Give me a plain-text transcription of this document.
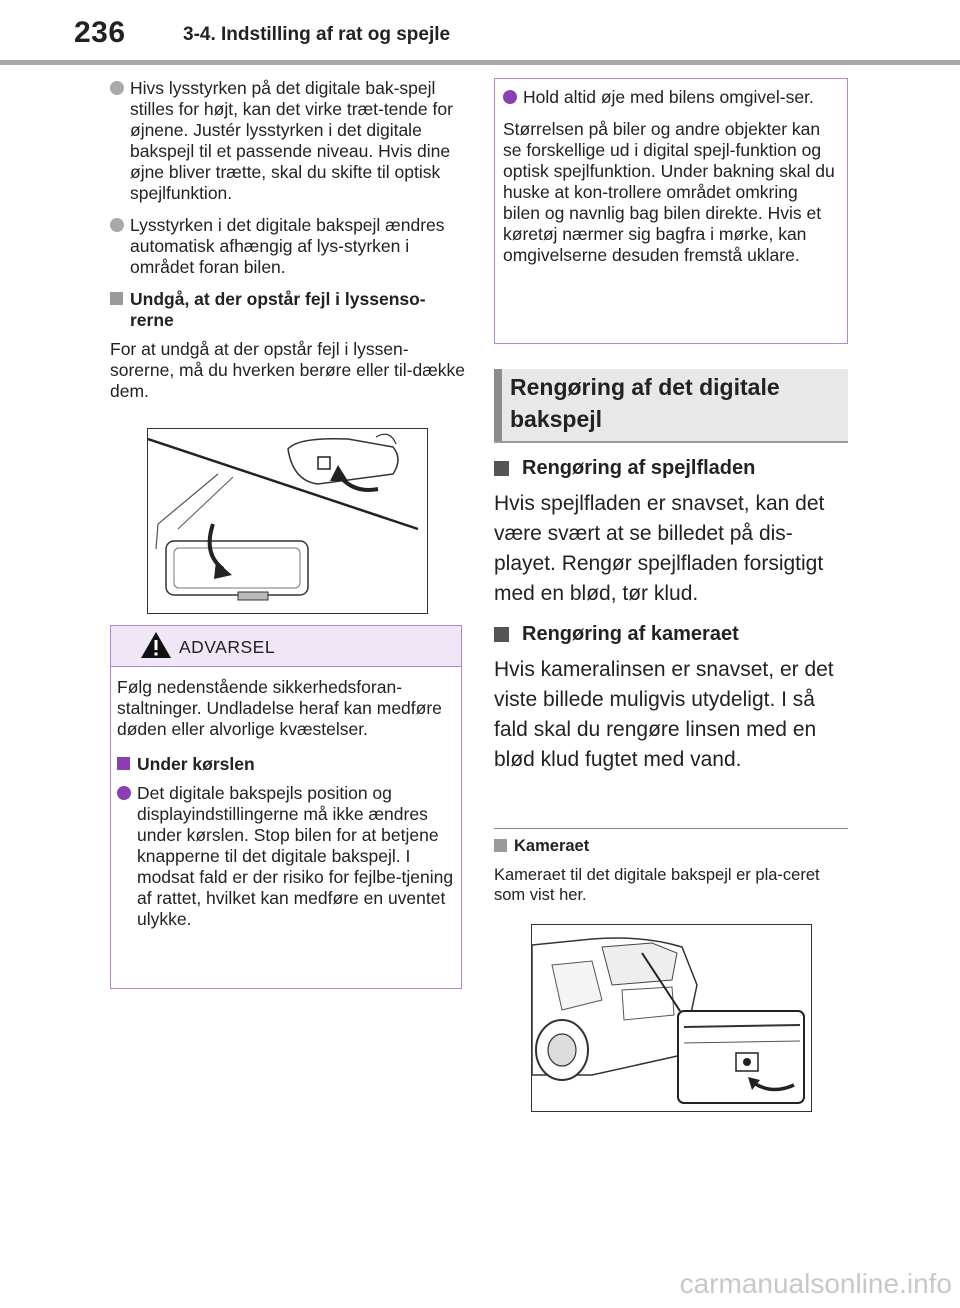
236	3-4. Indstilling af rat og spejle
Hivs lysstyrken på det digitale bak-spejl stilles for højt, kan det virke træt-tende for øjnene. Justér lysstyrken i det digitale bakspejl til et passende niveau. Hvis dine øjne bliver trætte, skal du skifte til optisk spejlfunktion.
Lysstyrken i det digitale bakspejl ændres automatisk afhængig af lys-styrken i området foran bilen.
Undgå, at der opstår fejl i lyssenso-rerne
For at undgå at der opstår fejl i lyssen-sorerne, må du hverken berøre eller til-dække dem.
ADVARSEL
Følg nedenstående sikkerhedsforan-staltninger. Undladelse heraf kan medføre døden eller alvorlige kvæstelser.
Under kørslen
Det digitale bakspejls position og displayindstillingerne må ikke ændres under kørslen. Stop bilen for at betjene knapperne til det digitale bakspejl. I modsat fald er der risiko for fejlbe-tjening af rattet, hvilket kan medføre en uventet ulykke.
Hold altid øje med bilens omgivel-ser.
Størrelsen på biler og andre objekter kan se forskellige ud i digital spejl-funktion og optisk spejlfunktion. Under bakning skal du huske at kon-trollere området omkring bilen og navnlig bag bilen direkte. Hvis et køretøj nærmer sig bagfra i mørke, kan omgivelserne desuden fremstå uklare.
Rengøring af det digitale bakspejl
Rengøring af spejlfladen
Hvis spejlfladen er snavset, kan det være svært at se billedet på dis-playet. Rengør spejlfladen forsigtigt med en blød, tør klud.
Rengøring af kameraet
Hvis kameralinsen er snavset, er det viste billede muligvis utydeligt. I så fald skal du rengøre linsen med en blød klud fugtet med vand.
Kameraet
Kameraet til det digitale bakspejl er pla-ceret som vist her.
carmanualsonline.info
